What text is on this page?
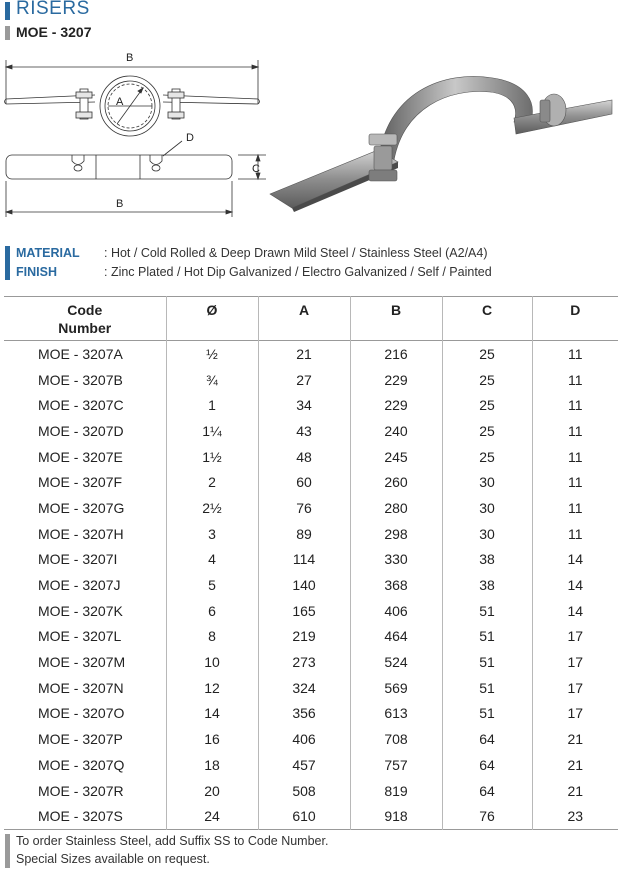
RISERS
MOE - 3207
B
A
D
C
B
MATERIAL	: Hot / Cold Rolled & Deep Drawn Mild Steel / Stainless Steel (A2/A4)
FINISH	: Zinc Plated / Hot Dip Galvanized / Electro Galvanized / Self / Painted
Code
Number	Ø	A	B	C	D
MOE - 3207A	½	21	216	25	11
MOE - 3207B	¾	27	229	25	11
MOE - 3207C	1	34	229	25	11
MOE - 3207D	1¼	43	240	25	11
MOE - 3207E	1½	48	245	25	11
MOE - 3207F	2	60	260	30	11
MOE - 3207G	2½	76	280	30	11
MOE - 3207H	3	89	298	30	11
MOE - 3207I	4	114	330	38	14
MOE - 3207J	5	140	368	38	14
MOE - 3207K	6	165	406	51	14
MOE - 3207L	8	219	464	51	17
MOE - 3207M	10	273	524	51	17
MOE - 3207N	12	324	569	51	17
MOE - 3207O	14	356	613	51	17
MOE - 3207P	16	406	708	64	21
MOE - 3207Q	18	457	757	64	21
MOE - 3207R	20	508	819	64	21
MOE - 3207S	24	610	918	76	23
To order Stainless Steel, add Suffix SS to Code Number.
Special Sizes available on request.
